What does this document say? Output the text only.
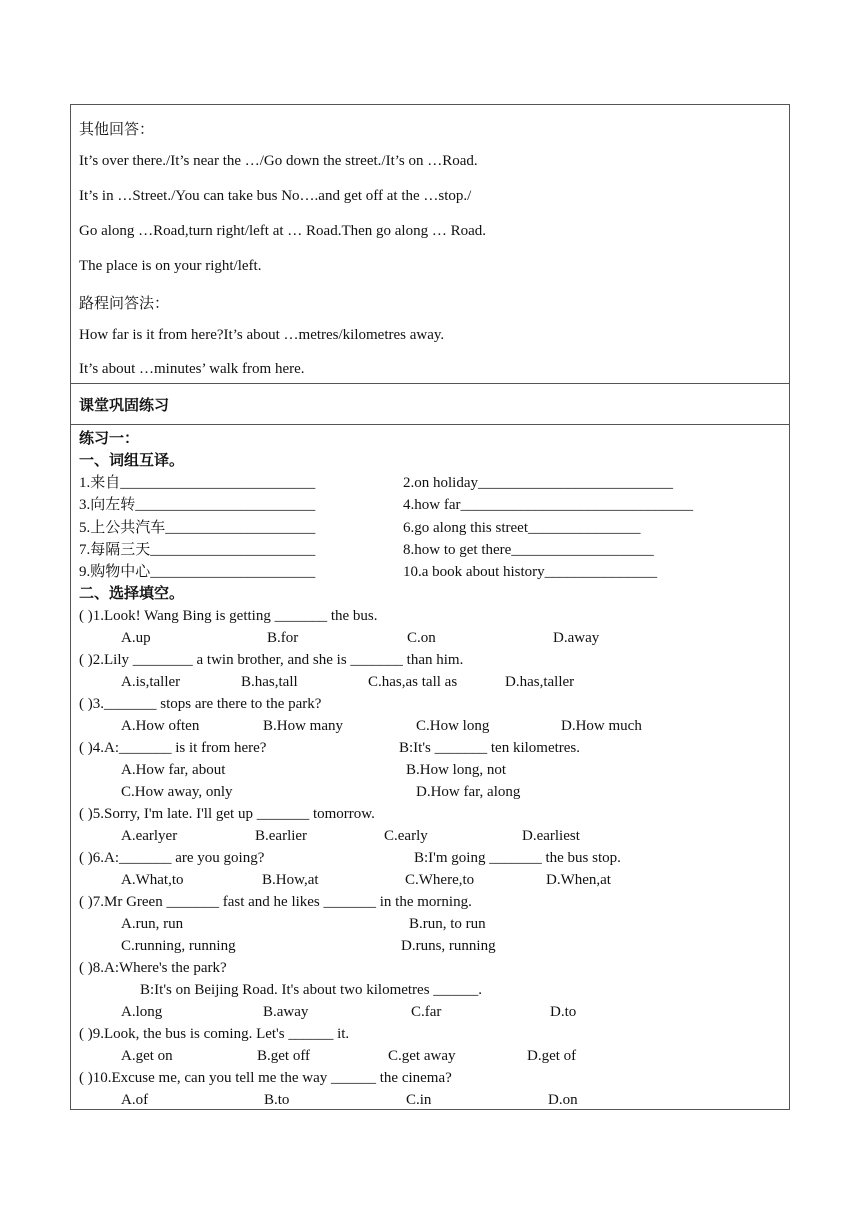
其他回答：
It’s over there./It’s near the …/Go down the street./It’s on …Road.
It’s in …Street./You can take bus No….and get off at the …stop./
Go along …Road,turn right/left at … Road.Then go along … Road.
The place is on your right/left.
路程问答法：
How far is it from here?It’s about …metres/kilometres away.
It’s about …minutes’ walk from here.
课堂巩固练习
练习一：
一、词组互译。
1.来自__________________________	2.on holiday__________________________
3.向左转________________________	4.how far_______________________________
5.上公共汽车____________________	6.go along this street_______________
7.每隔三天______________________	8.how to get there___________________
9.购物中心______________________	10.a book about history_______________
二、选择填空。
( )1.Look! Wang Bing is getting _______ the bus.
A.up	B.for	C.on	D.away
( )2.Lily ________ a twin brother, and she is _______ than him.
A.is,taller	B.has,tall	C.has,as tall as	D.has,taller
( )3._______ stops are there to the park?
A.How often	B.How many	C.How long	D.How much
( )4.A:_______ is it from here?	B:It's _______ ten kilometres.
A.How far, about	B.How long, not
C.How away, only	D.How far, along
( )5.Sorry, I'm late. I'll get up _______ tomorrow.
A.earlyer	B.earlier	C.early	D.earliest
( )6.A:_______ are you going?	B:I'm going _______ the bus stop.
A.What,to	B.How,at	C.Where,to	D.When,at
( )7.Mr Green _______ fast and he likes _______ in the morning.
A.run, run	B.run, to run
C.running, running	D.runs, running
( )8.A:Where's the park?
B:It's on Beijing Road. It's about two kilometres ______.
A.long	B.away	C.far	D.to
( )9.Look, the bus is coming. Let's ______ it.
A.get on	B.get off	C.get away	D.get of
( )10.Excuse me, can you tell me the way ______ the cinema?
A.of	B.to	C.in	D.on
